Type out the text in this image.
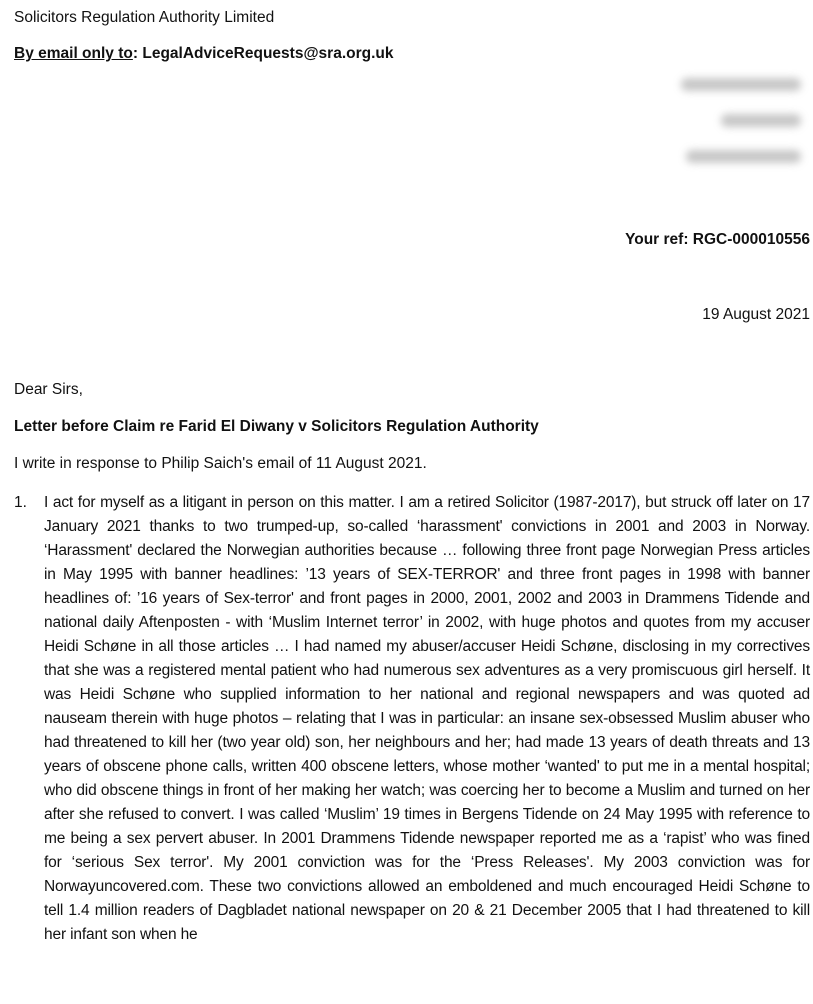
Solicitors Regulation Authority Limited
By email only to: LegalAdviceRequests@sra.org.uk
Your ref: RGC-000010556
19 August 2021
Dear Sirs,
Letter before Claim re Farid El Diwany v Solicitors Regulation Authority
I write in response to Philip Saich's email of 11 August 2021.
1. I act for myself as a litigant in person on this matter. I am a retired Solicitor (1987-2017), but struck off later on 17 January 2021 thanks to two trumped-up, so-called ‘harassment' convictions in 2001 and 2003 in Norway. ‘Harassment' declared the Norwegian authorities because … following three front page Norwegian Press articles in May 1995 with banner headlines: ’13 years of SEX-TERROR' and three front pages in 1998 with banner headlines of: ’16 years of Sex-terror' and front pages in 2000, 2001, 2002 and 2003 in Drammens Tidende and national daily Aftenposten - with ‘Muslim Internet terror’ in 2002, with huge photos and quotes from my accuser Heidi Schøne in all those articles … I had named my abuser/accuser Heidi Schøne, disclosing in my correctives that she was a registered mental patient who had numerous sex adventures as a very promiscuous girl herself. It was Heidi Schøne who supplied information to her national and regional newspapers and was quoted ad nauseam therein with huge photos – relating that I was in particular: an insane sex-obsessed Muslim abuser who had threatened to kill her (two year old) son, her neighbours and her; had made 13 years of death threats and 13 years of obscene phone calls, written 400 obscene letters, whose mother ‘wanted' to put me in a mental hospital; who did obscene things in front of her making her watch; was coercing her to become a Muslim and turned on her after she refused to convert. I was called ‘Muslim’ 19 times in Bergens Tidende on 24 May 1995 with reference to me being a sex pervert abuser. In 2001 Drammens Tidende newspaper reported me as a ‘rapist’ who was fined for ‘serious Sex terror'. My 2001 conviction was for the ‘Press Releases'. My 2003 conviction was for Norwayuncovered.com. These two convictions allowed an emboldened and much encouraged Heidi Schøne to tell 1.4 million readers of Dagbladet national newspaper on 20 & 21 December 2005 that I had threatened to kill her infant son when he
